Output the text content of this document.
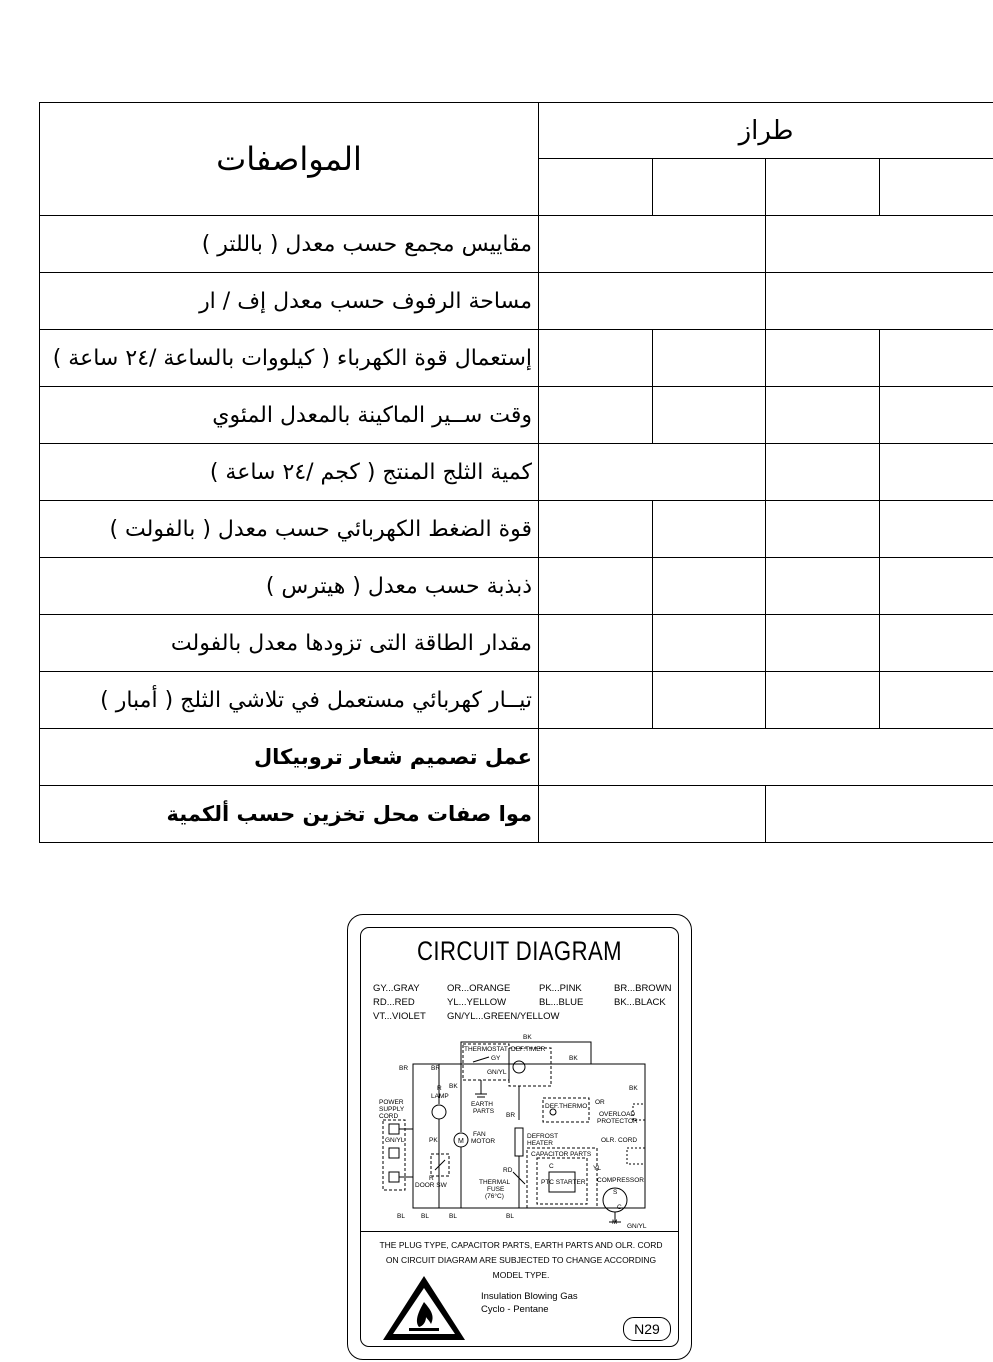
المواصفات	طراز			

مقاييس مجمع حسب معدل ( باللتر )				
مساحة الرفوف حسب معدل إف / ار				
إستعمال قوة الكهرباء ( كيلووات بالساعة /٢٤ ساعة )				
وقت ســير الماكينة بالمعدل المئوي				
كمية الثلج المنتج ( كجم /٢٤ ساعة )				
قوة الضغط الكهربائي حسب معدل ( بالفولت )				
ذبذبة حسب معدل ( هيترس )				
مقدار الطاقة التى تزودها معدل بالفولت				
تيــار كهربائي مستعمل في تلاشي الثلج ( أمبار )				
عمل تصميم شعار تروبيكال				
موا صفات محل تخزين حسب ألكمية				
CIRCUIT DIAGRAM
GY...GRAY	OR...ORANGE	PK...PINK	BR...BROWN
RD...RED	YL...YELLOW	BL...BLUE	BK...BLACK
VT...VIOLET GN/YL...GREEN/YELLOW
BK
THERMOSTAT DEF.TIMER
GY
GN/YL
BR	BR
R
LAMP
BK
EARTH
PARTS
BK
OR
BK
POWER
SUPPLY
CORD	BR
DEF.THERMO
OVERLOAD
PROTECTOR
FAN
MOTOR
DEFROST
HEATER	OLR. CORD
GN/YL	PK
CAPACITOR PARTS
RD
C	YL
R
DOOR SW	THERMAL
FUSE
(76°C)
PTC STARTER COMPRESSOR
S
C
M
GN/YL
BL BL	BL	BL
M
THE PLUG TYPE, CAPACITOR PARTS, EARTH PARTS AND OLR. CORD ON CIRCUIT DIAGRAM ARE SUBJECTED TO CHANGE ACCORDING MODEL TYPE.
Insulation Blowing Gas
Cyclo - Pentane
N29
